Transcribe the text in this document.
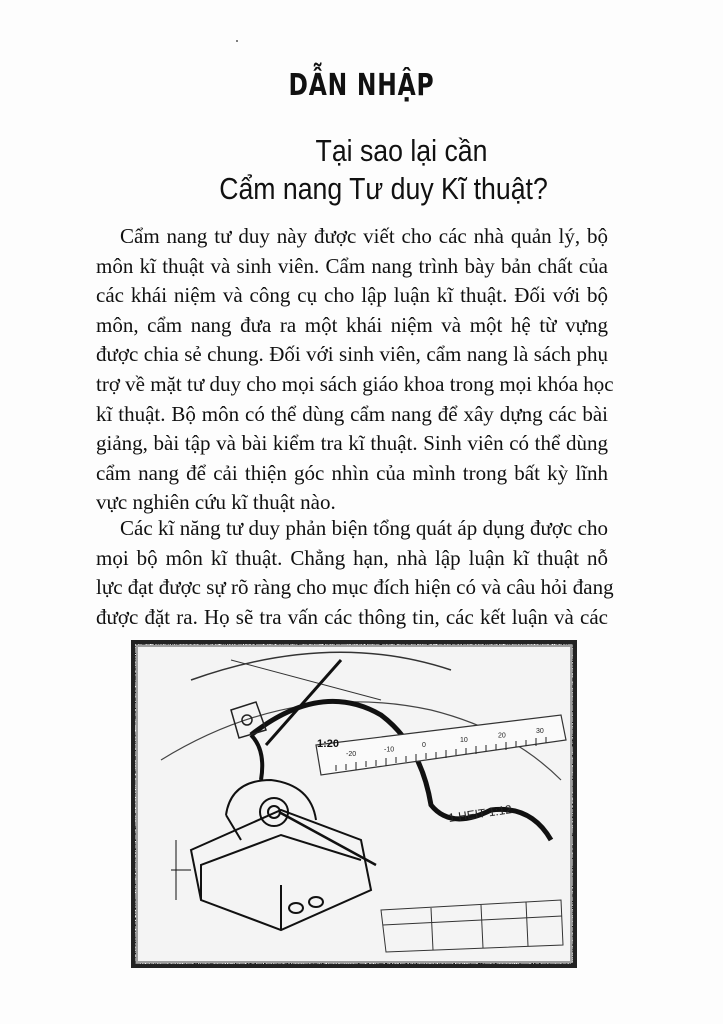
DẪN NHẬP
Tại sao lại cần
Cẩm nang Tư duy Kĩ thuật?

Cẩm nang tư duy này được viết cho các nhà quản lý, bộ
môn kĩ thuật và sinh viên. Cẩm nang trình bày bản chất của
các khái niệm và công cụ cho lập luận kĩ thuật. Đối với bộ
môn, cẩm nang đưa ra một khái niệm và một hệ từ vựng
được chia sẻ chung. Đối với sinh viên, cẩm nang là sách phụ
trợ về mặt tư duy cho mọi sách giáo khoa trong mọi khóa học
kĩ thuật. Bộ môn có thể dùng cẩm nang để xây dựng các bài
giảng, bài tập và bài kiểm tra kĩ thuật. Sinh viên có thể dùng
cẩm nang để cải thiện góc nhìn của mình trong bất kỳ lĩnh
vực nghiên cứu kĩ thuật nào.

Các kĩ năng tư duy phản biện tổng quát áp dụng được cho
mọi bộ môn kĩ thuật. Chẳng hạn, nhà lập luận kĩ thuật nỗ
lực đạt được sự rõ ràng cho mục đích hiện có và câu hỏi đang
được đặt ra. Họ sẽ tra vấn các thông tin, các kết luận và các

1:20
-20
-10
0
10
20
30
1 HEIT 1:12
